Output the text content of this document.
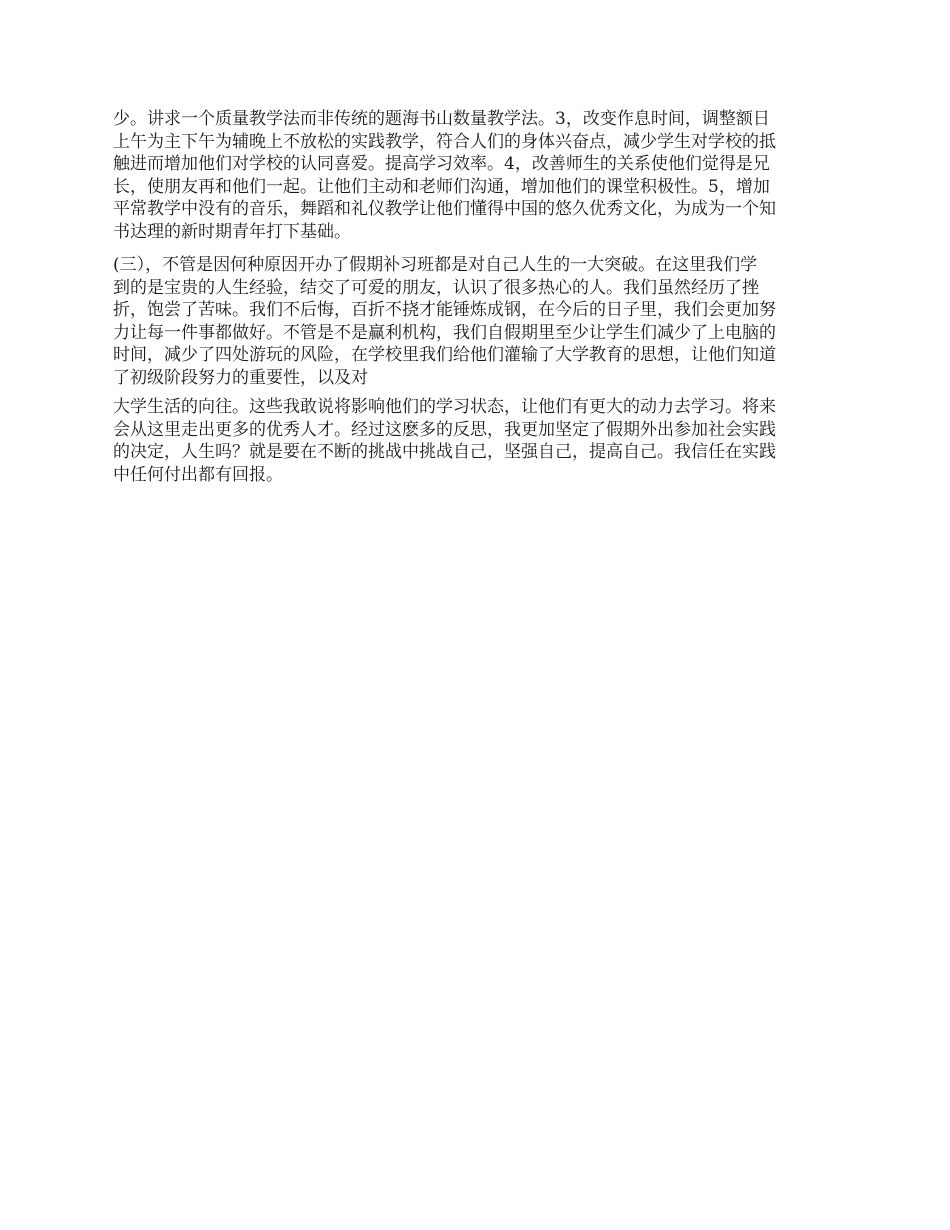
少。讲求一个质量教学法而非传统的题海书山数量教学法。3，改变作息时间，调整额日
上午为主下午为辅晚上不放松的实践教学，符合人们的身体兴奋点，减少学生对学校的抵
触进而增加他们对学校的认同喜爱。提高学习效率。4，改善师生的关系使他们觉得是兄
长，使朋友再和他们一起。让他们主动和老师们沟通，增加他们的课堂积极性。5，增加
平常教学中没有的音乐，舞蹈和礼仪教学让他们懂得中国的悠久优秀文化，为成为一个知
书达理的新时期青年打下基础。

(三），不管是因何种原因开办了假期补习班都是对自己人生的一大突破。在这里我们学
到的是宝贵的人生经验，结交了可爱的朋友，认识了很多热心的人。我们虽然经历了挫
折，饱尝了苦味。我们不后悔，百折不挠才能锤炼成钢，在今后的日子里，我们会更加努
力让每一件事都做好。不管是不是赢利机构，我们自假期里至少让学生们减少了上电脑的
时间，减少了四处游玩的风险，在学校里我们给他们灌输了大学教育的思想，让他们知道
了初级阶段努力的重要性，以及对

大学生活的向往。这些我敢说将影响他们的学习状态，让他们有更大的动力去学习。将来
会从这里走出更多的优秀人才。经过这麽多的反思，我更加坚定了假期外出参加社会实践
的决定，人生吗？就是要在不断的挑战中挑战自己，坚强自己，提高自己。我信任在实践
中任何付出都有回报。
